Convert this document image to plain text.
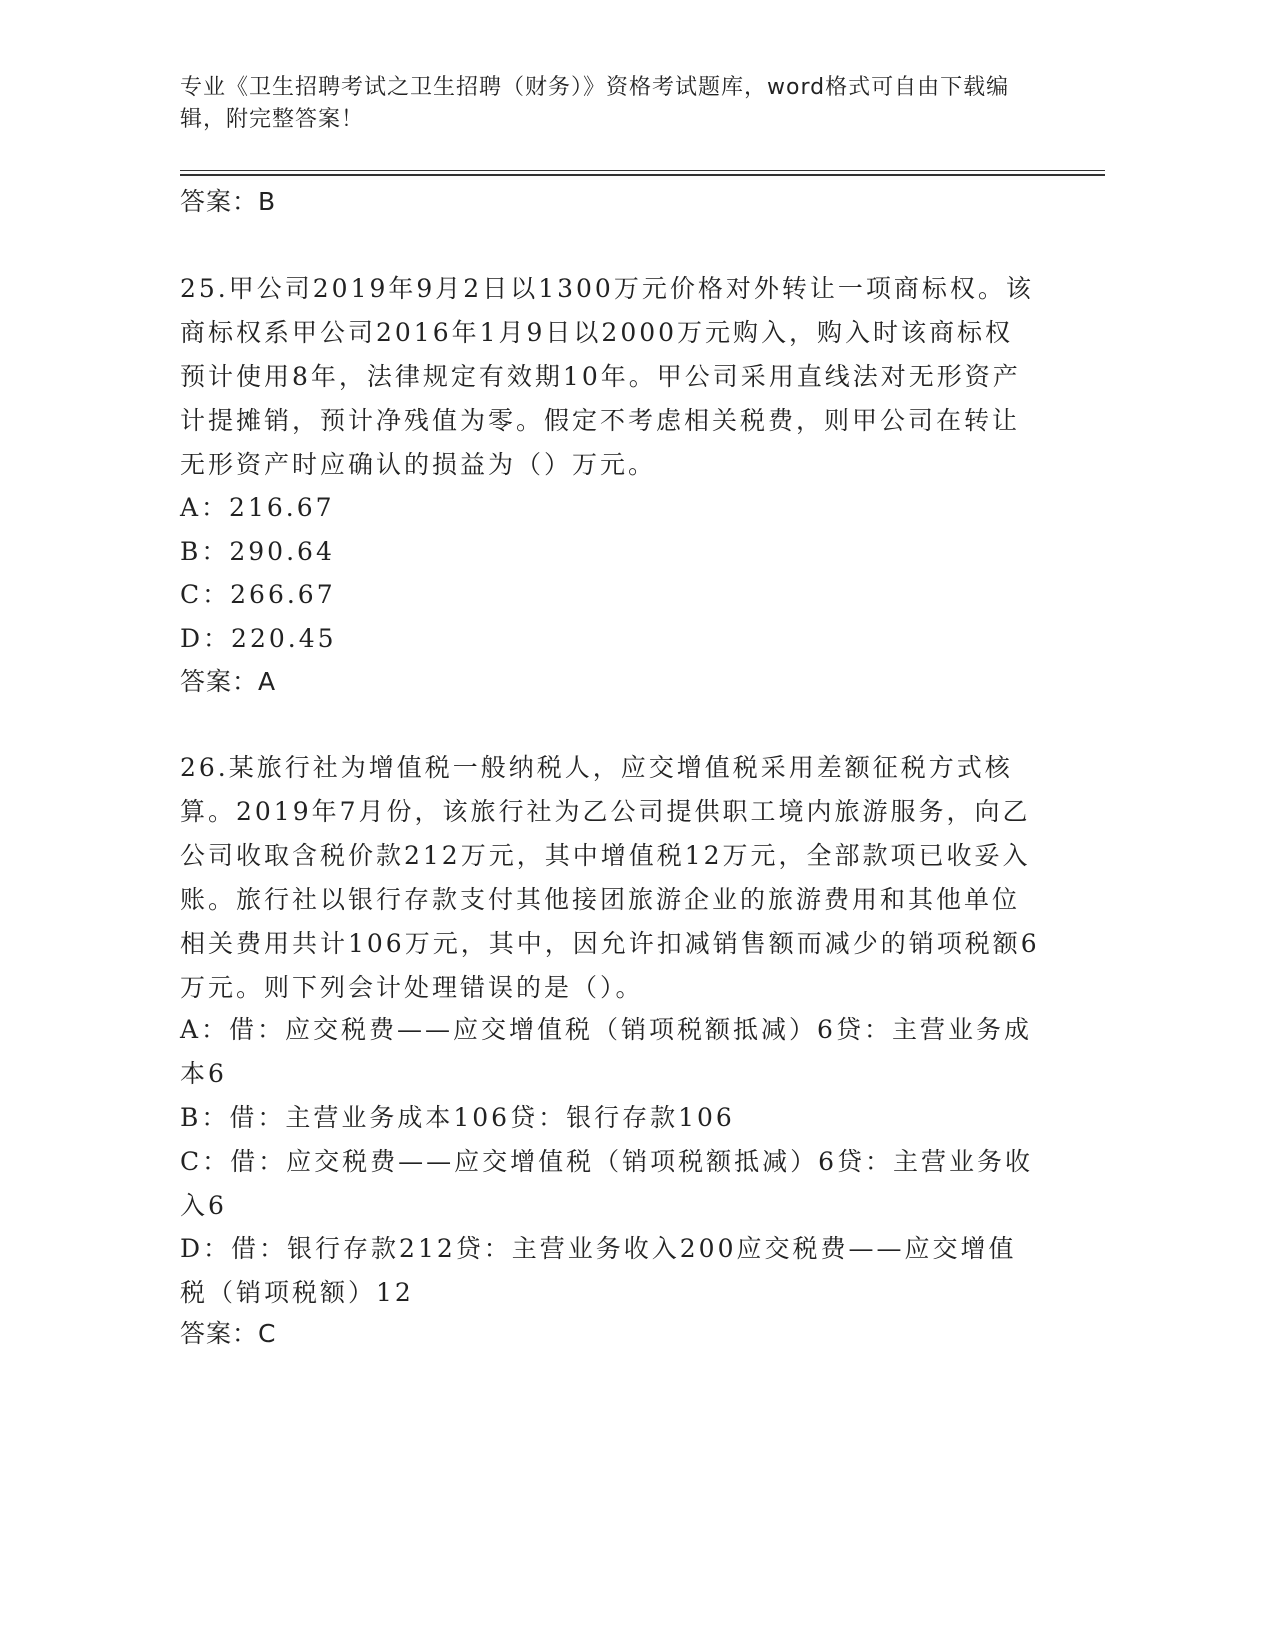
专业《卫生招聘考试之卫生招聘（财务）》资格考试题库，word格式可自由下载编辑，附完整答案！
答案：B
25.甲公司2019年9月2日以1300万元价格对外转让一项商标权。该商标权系甲公司2016年1月9日以2000万元购入，购入时该商标权预计使用8年，法律规定有效期10年。甲公司采用直线法对无形资产计提摊销，预计净残值为零。假定不考虑相关税费，则甲公司在转让无形资产时应确认的损益为（）万元。
A：216.67
B：290.64
C：266.67
D：220.45
答案：A
26.某旅行社为增值税一般纳税人，应交增值税采用差额征税方式核算。2019年7月份，该旅行社为乙公司提供职工境内旅游服务，向乙公司收取含税价款212万元，其中增值税12万元，全部款项已收妥入账。旅行社以银行存款支付其他接团旅游企业的旅游费用和其他单位相关费用共计106万元，其中，因允许扣减销售额而减少的销项税额6万元。则下列会计处理错误的是（）。
A：借：应交税费——应交增值税（销项税额抵减）6贷：主营业务成本6
B：借：主营业务成本106贷：银行存款106
C：借：应交税费——应交增值税（销项税额抵减）6贷：主营业务收入6
D：借：银行存款212贷：主营业务收入200应交税费——应交增值税（销项税额）12
答案：C
